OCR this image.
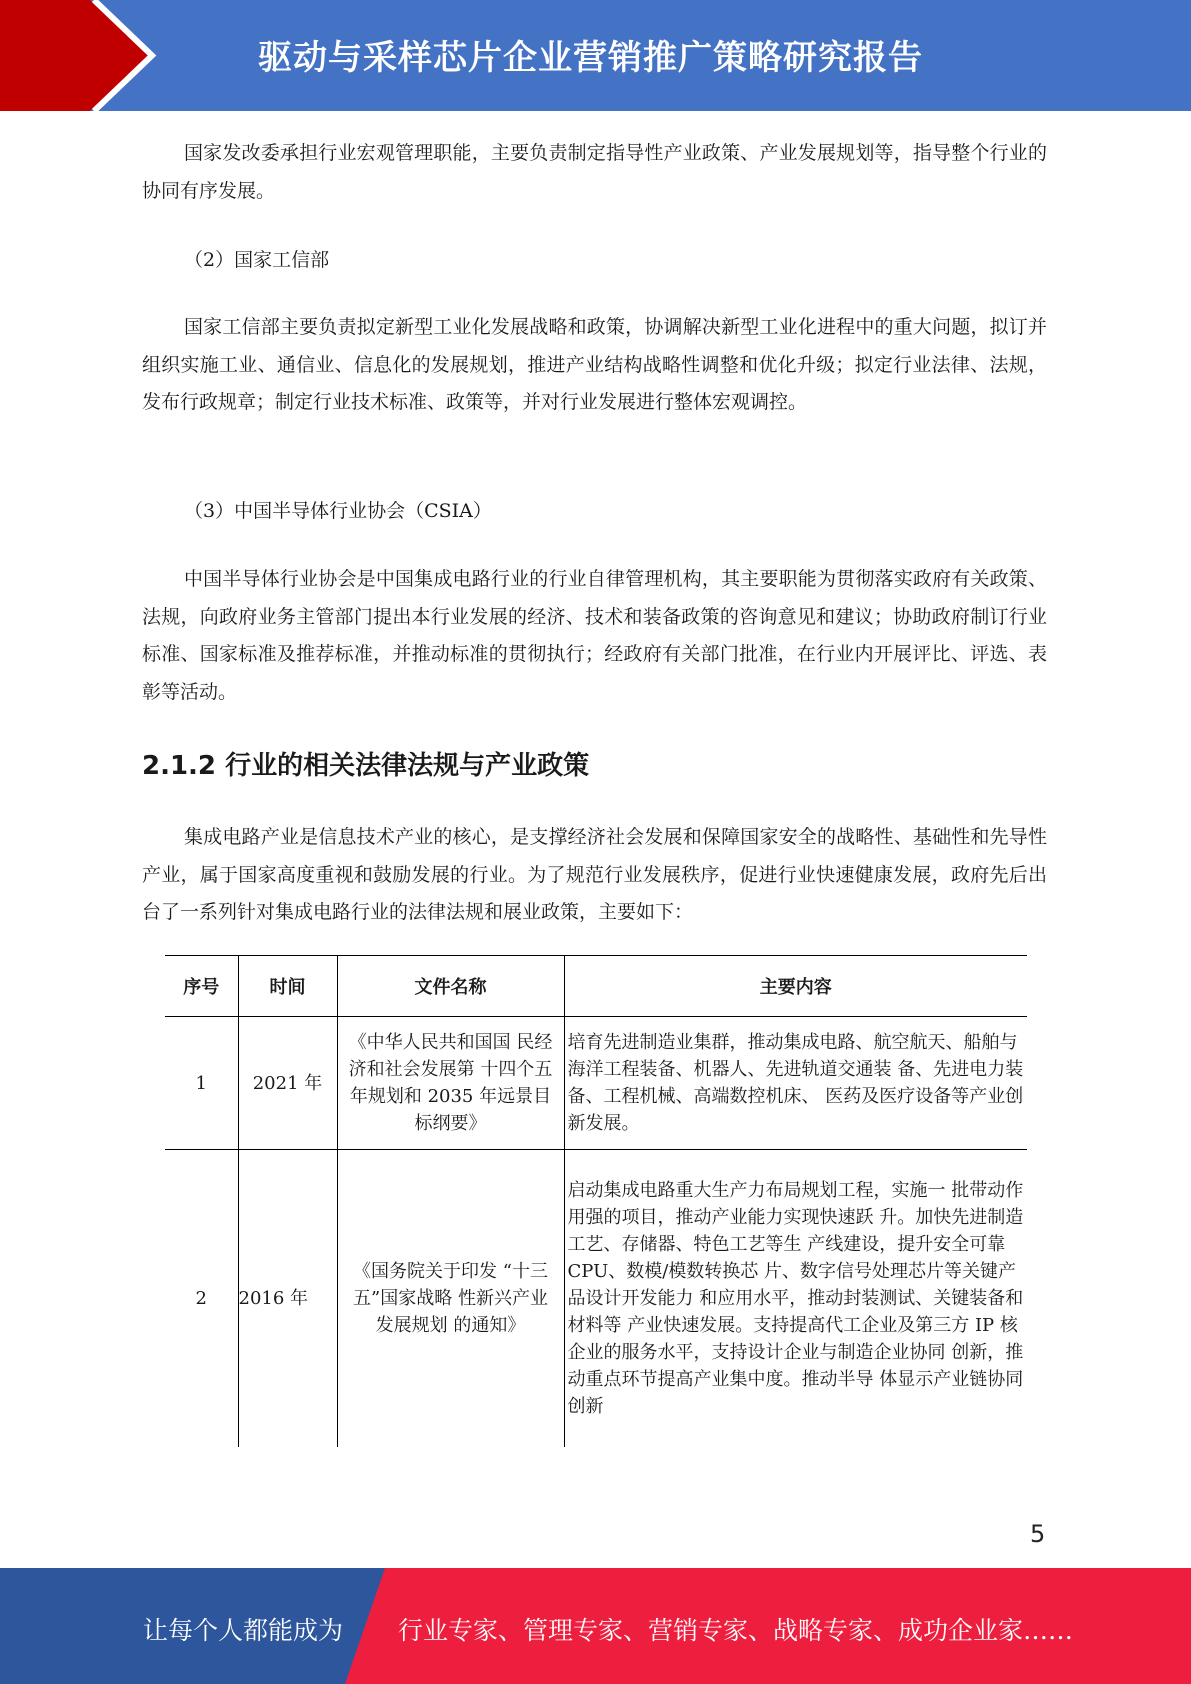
驱动与采样芯片企业营销推广策略研究报告

国家发改委承担行业宏观管理职能，主要负责制定指导性产业政策、产业发展规划等，指导整个行业的协同有序发展。

（2）国家工信部

国家工信部主要负责拟定新型工业化发展战略和政策，协调解决新型工业化进程中的重大问题，拟订并组织实施工业、通信业、信息化的发展规划，推进产业结构战略性调整和优化升级；拟定行业法律、法规，发布行政规章；制定行业技术标准、政策等，并对行业发展进行整体宏观调控。

（3）中国半导体行业协会（CSIA）

中国半导体行业协会是中国集成电路行业的行业自律管理机构，其主要职能为贯彻落实政府有关政策、法规，向政府业务主管部门提出本行业发展的经济、技术和装备政策的咨询意见和建议；协助政府制订行业标准、国家标准及推荐标准，并推动标准的贯彻执行；经政府有关部门批准，在行业内开展评比、评选、表彰等活动。

2.1.2 行业的相关法律法规与产业政策

集成电路产业是信息技术产业的核心，是支撑经济社会发展和保障国家安全的战略性、基础性和先导性产业，属于国家高度重视和鼓励发展的行业。为了规范行业发展秩序，促进行业快速健康发展，政府先后出台了一系列针对集成电路行业的法律法规和展业政策，主要如下：

序号	时间	文件名称	主要内容
1	2021 年	《中华人民共和国国 民经济和社会发展第 十四个五年规划和 2035 年远景目标纲要》	培育先进制造业集群，推动集成电路、航空航天、船舶与海洋工程装备、机器人、先进轨道交通装 备、先进电力装备、工程机械、高端数控机床、 医药及医疗设备等产业创新发展。
2	2016 年	《国务院关于印发 “十三五”国家战略 性新兴产业发展规划 的通知》	启动集成电路重大生产力布局规划工程，实施一 批带动作用强的项目，推动产业能力实现快速跃 升。加快先进制造工艺、存储器、特色工艺等生 产线建设，提升安全可靠 CPU、数模/模数转换芯 片、数字信号处理芯片等关键产品设计开发能力 和应用水平，推动封装测试、关键装备和材料等 产业快速发展。支持提高代工企业及第三方 IP 核 企业的服务水平，支持设计企业与制造企业协同 创新，推动重点环节提高产业集中度。推动半导 体显示产业链协同创新
5
让每个人都能成为 行业专家、管理专家、营销专家、战略专家、成功企业家……
